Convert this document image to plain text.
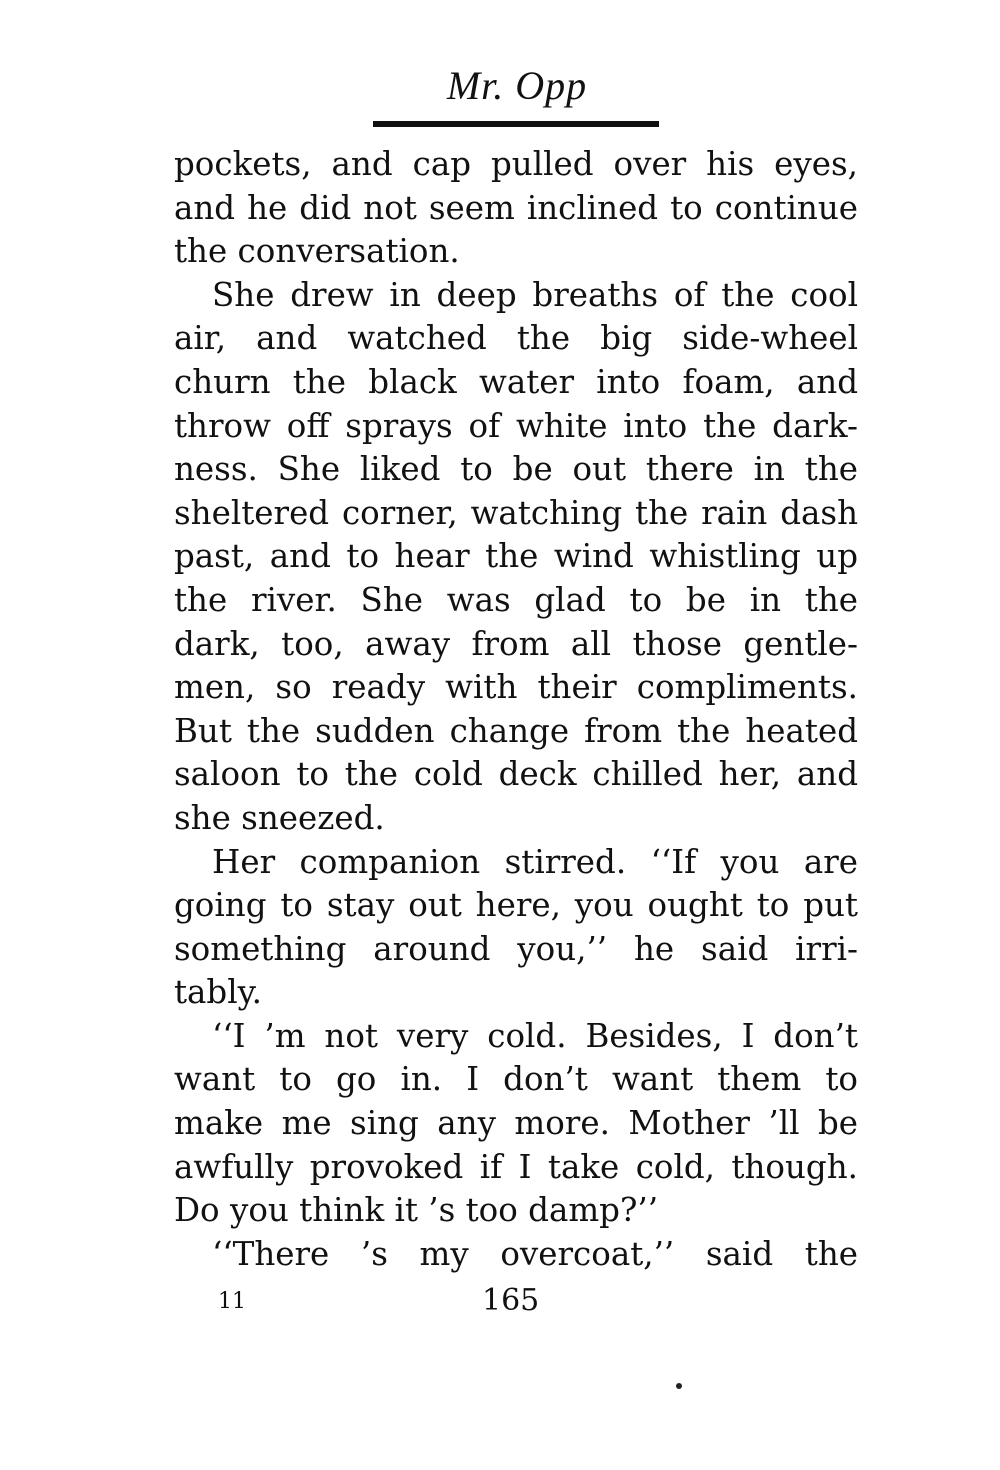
Mr. Opp
pockets, and cap pulled over his eyes,
and he did not seem inclined to continue
the conversation.
She drew in deep breaths of the cool
air, and watched the big side-wheel
churn the black water into foam, and
throw off sprays of white into the dark-
ness. She liked to be out there in the
sheltered corner, watching the rain dash
past, and to hear the wind whistling up
the river. She was glad to be in the
dark, too, away from all those gentle-
men, so ready with their compliments.
But the sudden change from the heated
saloon to the cold deck chilled her, and
she sneezed.
Her companion stirred. ‘‘If you are
going to stay out here, you ought to put
something around you,’’ he said irri-
tably.
‘‘I ’m not very cold. Besides, I don’t
want to go in. I don’t want them to
make me sing any more. Mother ’ll be
awfully provoked if I take cold, though.
Do you think it ’s too damp?’’
‘‘There ’s my overcoat,’’ said the
11	165
